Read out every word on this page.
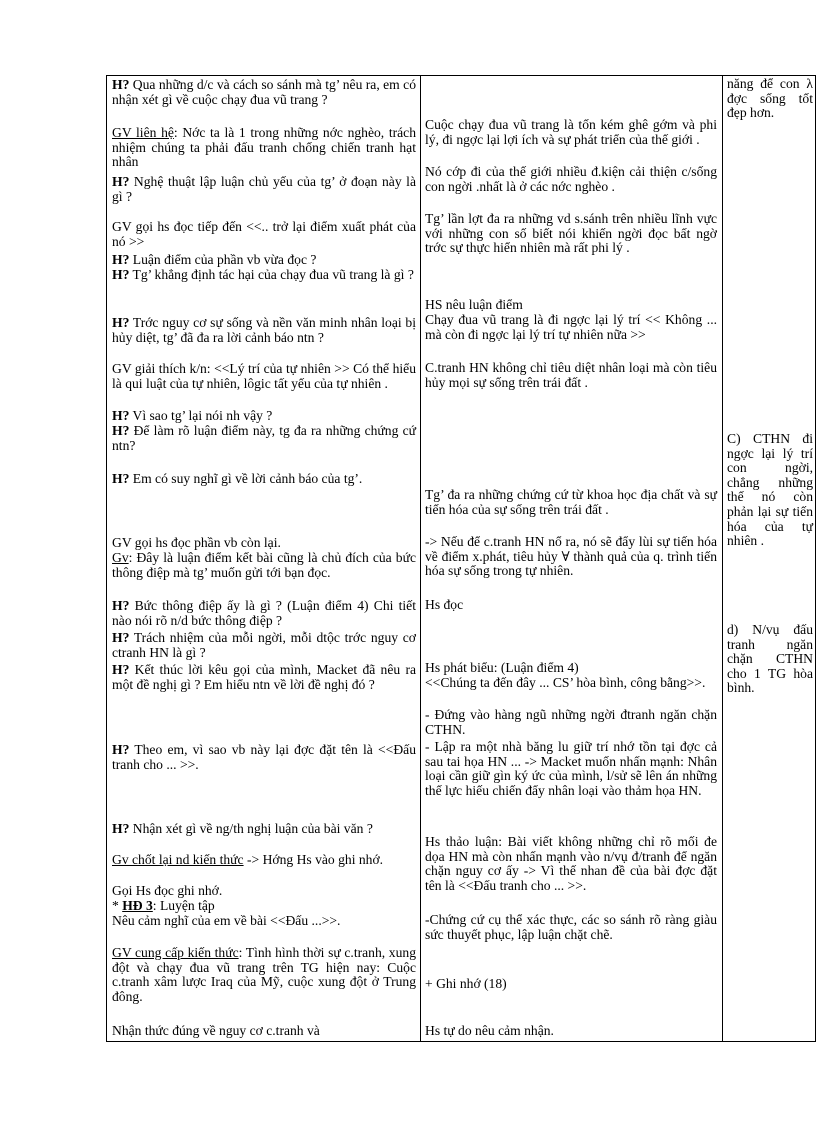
H? Qua những d/c và cách so sánh mà tg’ nêu ra, em có nhận xét gì về cuộc chạy đua vũ trang ?

GV liên hệ: Nớc ta là 1 trong những nớc nghèo, trách nhiệm chúng ta phải đấu tranh chống chiến tranh hạt nhân

H? Nghệ thuật lập luận chủ yếu của tg’ ở đoạn này là gì ?

GV gọi hs đọc tiếp đến <<.. trở lại điểm xuất phát của nó >>

H? Luận điểm của phần vb vừa đọc ?

H? Tg’ khẳng định tác hại của chạy đua vũ trang là gì ?

H? Trớc nguy cơ sự sống và nền văn minh nhân loại bị hủy diệt, tg’ đã đa ra lời cảnh báo ntn ?

GV giải thích k/n: <<Lý trí của tự nhiên >> Có thể hiểu là qui luật của tự nhiên, lôgic tất yếu của tự nhiên .

H? Vì sao tg’ lại nói nh vậy ?

H? Để làm rõ luận điểm này, tg đa ra những chứng cứ ntn?

H? Em có suy nghĩ gì về lời cảnh báo của tg’.

GV gọi hs đọc phần vb còn lại.

Gv: Đây là luận điểm kết bài cũng là chủ đích của bức thông điệp mà tg’ muốn gửi tới bạn đọc.

H? Bức thông điệp ấy là gì ? (Luận điểm 4) Chi tiết nào nói rõ n/d bức thông điệp ?

H? Trách nhiệm của mỗi ngời, mỗi dtộc trớc nguy cơ ctranh HN là gì ?

H? Kết thúc lời kêu gọi của mình, Macket đã nêu ra một đề nghị gì ? Em hiểu ntn về lời đề nghị đó ?

H? Theo em, vì sao vb này lại đợc đặt tên là <<Đấu tranh cho ... >>.

H? Nhận xét gì về ng/th nghị luận của bài văn ?

Gv chốt lại nd kiến thức -> Hớng Hs vào ghi nhớ.

Gọi Hs đọc ghi nhớ.

* HĐ 3: Luyện tập

Nêu cảm nghĩ của em về bài <<Đấu ...>>.

GV cung cấp kiến thức: Tình hình thời sự c.tranh, xung đột và chạy đua vũ trang trên TG hiện nay: Cuộc c.tranh xâm lược Iraq của Mỹ, cuộc xung đột ở Trung đông.

Nhận thức đúng về nguy cơ c.tranh và

Cuộc chạy đua vũ trang là tốn kém ghê gớm và phi lý, đi ngợc lại lợi ích và sự phát triển của thế giới .

Nó cớp đi của thế giới nhiều đ.kiện cải thiện c/sống con ngời .nhất là ở các nớc nghèo .

Tg’ lần lợt đa ra những vd s.sánh trên nhiều lĩnh vực với những con số biết nói khiến ngời đọc bất ngờ trớc sự thực hiển nhiên mà rất phi lý .

HS nêu luận điểm

Chạy đua vũ trang là đi ngợc lại lý trí << Không ... mà còn đi ngợc lại lý trí tự nhiên nữa >>

C.tranh HN không chỉ tiêu diệt nhân loại mà còn tiêu hủy mọi sự sống trên trái đất .

Tg’ đa ra những chứng cứ từ khoa học địa chất và sự tiến hóa của sự sống trên trái đất .

-> Nếu để c.tranh HN nổ ra, nó sẽ đẩy lùi sự tiến hóa về điểm x.phát, tiêu hủy ∀ thành quả của q. trình tiến hóa sự sống trong tự nhiên.

Hs đọc

Hs phát biểu: (Luận điểm 4)

<<Chúng ta đến đây ... CS’ hòa bình, công bằng>>.

- Đứng vào hàng ngũ những ngời đtranh ngăn chặn CTHN.

- Lập ra một nhà băng lu giữ trí nhớ tồn tại đợc cả sau tai họa HN ... -> Macket muốn nhấn mạnh: Nhân loại cần giữ gìn ký ức của mình, l/sử sẽ lên án những thế lực hiếu chiến đẩy nhân loại vào thảm họa HN.

Hs thảo luận: Bài viết không những chỉ rõ mối đe dọa HN mà còn nhấn mạnh vào n/vụ đ/tranh để ngăn chặn nguy cơ ấy -> Vì thế nhan đề của bài đợc đặt tên là <<Đấu tranh cho ... >>.

-Chứng cứ cụ thể xác thực, các so sánh rõ ràng giàu sức thuyết phục, lập luận chặt chẽ.

+ Ghi nhớ (18)

Hs tự do nêu cảm nhận.

năng để con λ đợc sống tốt đẹp hơn.

C) CTHN đi ngợc lại lý trí con ngời, chẳng những thế nó còn phản lại sự tiến hóa của tự nhiên .

d) N/vụ đấu tranh ngăn chặn CTHN cho 1 TG hòa bình.
